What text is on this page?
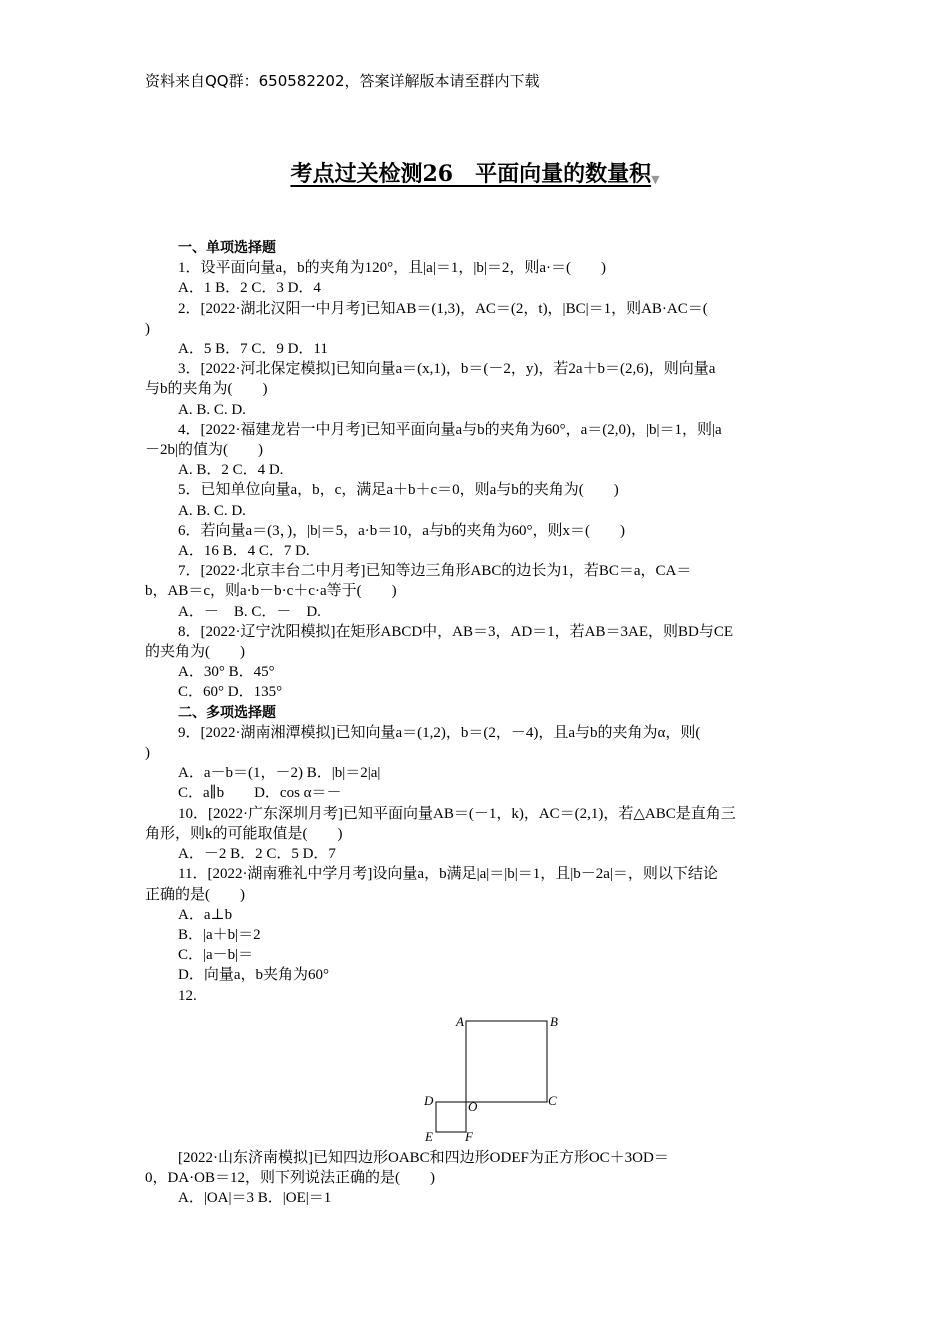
资料来自QQ群：650582202，答案详解版本请至群内下载
考点过关检测26　平面向量的数量积▼

一、单项选择题

1．设平面向量a，b的夹角为120°，且|a|＝1，|b|＝2，则a·＝(　　)

A．1 B．2 C．3 D．4

2．[2022·湖北汉阳一中月考]已知AB＝(1,3)，AC＝(2，t)，|BC|＝1，则AB·AC＝(

)

A．5 B．7 C．9 D．11

3．[2022·河北保定模拟]已知向量a＝(x,1)，b＝(－2，y)，若2a＋b＝(2,6)，则向量a

与b的夹角为(　　)

A. B. C. D.

4．[2022·福建龙岩一中月考]已知平面向量a与b的夹角为60°，a＝(2,0)，|b|＝1，则|a

－2b|的值为(　　)

A. B．2 C．4 D.

5．已知单位向量a，b，c，满足a＋b＋c＝0，则a与b的夹角为(　　)

A. B. C. D.

6．若向量a＝(3，)，|b|＝5，a·b＝10，a与b的夹角为60°，则x＝(　　)

A．16 B．4 C．7 D.

7．[2022·北京丰台二中月考]已知等边三角形ABC的边长为1，若BC＝a，CA＝

b，AB＝c，则a·b－b·c＋c·a等于(　　)

A．－　B. C．－　D.

8．[2022·辽宁沈阳模拟]在矩形ABCD中，AB＝3，AD＝1，若AB＝3AE，则BD与CE

的夹角为(　　)

A．30° B．45°

C．60° D．135°

二、多项选择题

9．[2022·湖南湘潭模拟]已知向量a＝(1,2)，b＝(2，－4)，且a与b的夹角为α，则(

)

A．a－b＝(1，－2) B．|b|＝2|a|

C．a∥b　　D．cos α＝－

10．[2022·广东深圳月考]已知平面向量AB＝(－1，k)，AC＝(2,1)，若△ABC是直角三

角形，则k的可能取值是(　　)

A．－2 B．2 C．5 D．7

11．[2022·湖南雅礼中学月考]设向量a，b满足|a|＝|b|＝1，且|b－2a|＝，则以下结论

正确的是(　　)

A．a⊥b

B．|a＋b|＝2

C．|a－b|＝

D．向量a，b夹角为60°

12.

A	B
C
D	O
E F

[2022·山东济南模拟]已知四边形OABC和四边形ODEF为正方形OC＋3OD＝

0，DA·OB＝12，则下列说法正确的是(　　)

A．|OA|＝3 B．|OE|＝1
